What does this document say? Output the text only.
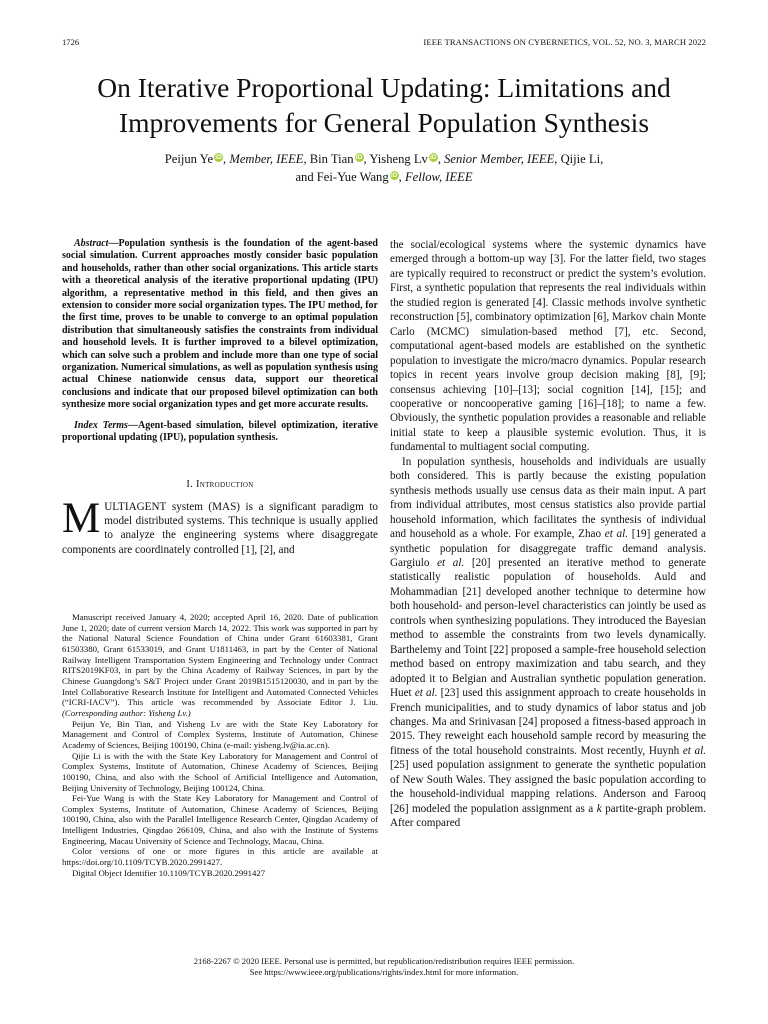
1726	IEEE TRANSACTIONS ON CYBERNETICS, VOL. 52, NO. 3, MARCH 2022
On Iterative Proportional Updating: Limitations and
Improvements for General Population Synthesis
Peijun Ye iD, Member, IEEE, Bin Tian iD, Yisheng Lv iD, Senior Member, IEEE, Qijie Li,
and Fei-Yue Wang iD, Fellow, IEEE

Abstract—Population synthesis is the foundation of the agent-based social simulation. Current approaches mostly consider basic population and households, rather than other social organizations. This article starts with a theoretical analysis of the iterative proportional updating (IPU) algorithm, a representative method in this field, and then gives an extension to consider more social organization types. The IPU method, for the first time, proves to be unable to converge to an optimal population distribution that simultaneously satisfies the constraints from individual and household levels. It is further improved to a bilevel optimization, which can solve such a problem and include more than one type of social organization. Numerical simulations, as well as population synthesis using actual Chinese nationwide census data, support our theoretical conclusions and indicate that our proposed bilevel optimization can both synthesize more social organization types and get more accurate results.

Index Terms—Agent-based simulation, bilevel optimization, iterative proportional updating (IPU), population synthesis.

I. Introduction

MULTIAGENT system (MAS) is a significant paradigm to model distributed systems. This technique is usually applied to analyze the engineering systems where disaggregate components are coordinately controlled [1], [2], and

Manuscript received January 4, 2020; accepted April 16, 2020. Date of publication June 1, 2020; date of current version March 14, 2022. This work was supported in part by the National Natural Science Foundation of China under Grant 61603381, Grant 61503380, Grant 61533019, and Grant U1811463, in part by the Center of National Railway Intelligent Transportation System Engineering and Technology under Contract RITS2019KF03, in part by the China Academy of Railway Sciences, in part by the Chinese Guangdong’s S&T Project under Grant 2019B1515120030, and in part by the Intel Collaborative Research Institute for Intelligent and Automated Connected Vehicles (“ICRI-IACV”). This article was recommended by Associate Editor J. Liu. (Corresponding author: Yisheng Lv.)

Peijun Ye, Bin Tian, and Yisheng Lv are with the State Key Laboratory for Management and Control of Complex Systems, Institute of Automation, Chinese Academy of Sciences, Beijing 100190, China (e-mail: yisheng.lv@ia.ac.cn).

Qijie Li is with the with the State Key Laboratory for Management and Control of Complex Systems, Institute of Automation, Chinese Academy of Sciences, Beijing 100190, China, and also with the School of Artificial Intelligence and Automation, Beijing University of Technology, Beijing 100124, China.

Fei-Yue Wang is with the State Key Laboratory for Management and Control of Complex Systems, Institute of Automation, Chinese Academy of Sciences, Beijing 100190, China, also with the Parallel Intelligence Research Center, Qingdao Academy of Intelligent Industries, Qingdao 266109, China, and also with the Institute of Systems Engineering, Macau University of Science and Technology, Macau, China.

Color versions of one or more figures in this article are available at https://doi.org/10.1109/TCYB.2020.2991427.

Digital Object Identifier 10.1109/TCYB.2020.2991427

the social/ecological systems where the systemic dynamics have emerged through a bottom-up way [3]. For the latter field, two stages are typically required to reconstruct or predict the system’s evolution. First, a synthetic population that represents the real individuals within the studied region is generated [4]. Classic methods involve synthetic reconstruction [5], combinatory optimization [6], Markov chain Monte Carlo (MCMC) simulation-based method [7], etc. Second, computational agent-based models are established on the synthetic population to investigate the micro/macro dynamics. Popular research topics in recent years involve group decision making [8], [9]; consensus achieving [10]–[13]; social cognition [14], [15]; and cooperative or noncooperative gaming [16]–[18]; to name a few. Obviously, the synthetic population provides a reasonable and reliable initial state to keep a plausible systemic evolution. Thus, it is fundamental to multiagent social computing.

In population synthesis, households and individuals are usually both considered. This is partly because the existing population synthesis methods usually use census data as their main input. A part from individual attributes, most census statistics also provide partial household information, which facilitates the synthesis of individual and household as a whole. For example, Zhao et al. [19] generated a synthetic population for disaggregate traffic demand analysis. Gargiulo et al. [20] presented an iterative method to generate statistically realistic population of households. Auld and Mohammadian [21] developed another technique to determine how both household- and person-level characteristics can jointly be used as controls when synthesizing populations. They introduced the Bayesian method to assemble the constraints from two levels dynamically. Barthelemy and Toint [22] proposed a sample-free household selection method based on entropy maximization and tabu search, and they adopted it to Belgian and Australian synthetic population generation. Huet et al. [23] used this assignment approach to create households in French municipalities, and to study dynamics of labor status and job changes. Ma and Srinivasan [24] proposed a fitness-based approach in 2015. They reweight each household sample record by measuring the fitness of the total household constraints. Most recently, Huynh et al. [25] used population assignment to generate the synthetic population of New South Wales. They assigned the basic population according to the household-individual mapping relations. Anderson and Farooq [26] modeled the population assignment as a k partite-graph problem. After compared

2168-2267 © 2020 IEEE. Personal use is permitted, but republication/redistribution requires IEEE permission.
See https://www.ieee.org/publications/rights/index.html for more information.
